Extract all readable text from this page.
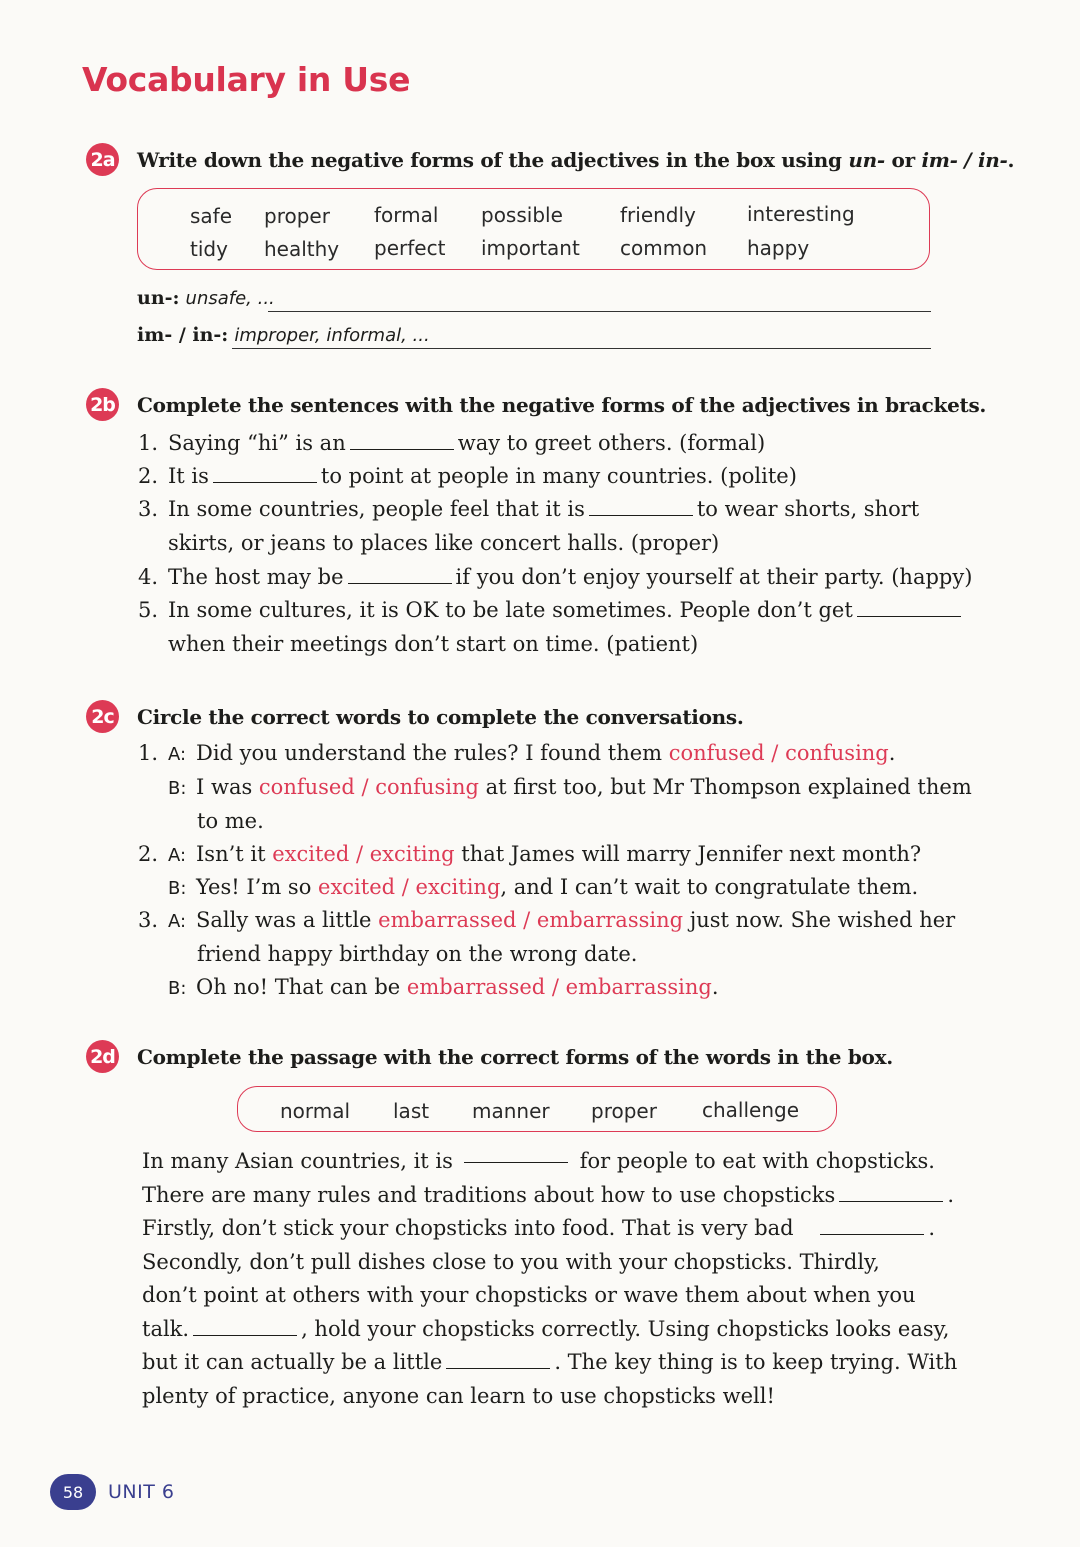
Vocabulary in Use
2a Write down the negative forms of the adjectives in the box using un- or im- / in-.
safe proper formal possible	friendly	interesting
tidy healthy perfect important common happy
un-: unsafe, ...
im- / in-: improper, informal, ...
2b Complete the sentences with the negative forms of the adjectives in brackets.
1. Saying “hi” is an	way to greet others. (formal)
2. It is	to point at people in many countries. (polite)
3. In some countries, people feel that it is	to wear shorts, short
skirts, or jeans to places like concert halls. (proper)
4. The host may be	if you don’t enjoy yourself at their party. (happy)
5. In some cultures, it is OK to be late sometimes. People don’t get
when their meetings don’t start on time. (patient)
2c Circle the correct words to complete the conversations.
1. A: Did you understand the rules? I found them confused / confusing.
B: I was confused / confusing at first too, but Mr Thompson explained them
to me.
2. A: Isn’t it excited / exciting that James will marry Jennifer next month?
B: Yes! I’m so excited / exciting, and I can’t wait to congratulate them.
3. A: Sally was a little embarrassed / embarrassing just now. She wished her
friend happy birthday on the wrong date.
B: Oh no! That can be embarrassed / embarrassing.
2d Complete the passage with the correct forms of the words in the box.
normal last manner proper challenge
In many Asian countries, it is	for people to eat with chopsticks.
There are many rules and traditions about how to use chopsticks	.
Firstly, don’t stick your chopsticks into food. That is very bad	.
Secondly, don’t pull dishes close to you with your chopsticks. Thirdly,
don’t point at others with your chopsticks or wave them about when you
talk.	, hold your chopsticks correctly. Using chopsticks looks easy,
but it can actually be a little	. The key thing is to keep trying. With
plenty of practice, anyone can learn to use chopsticks well!
58	UNIT 6
